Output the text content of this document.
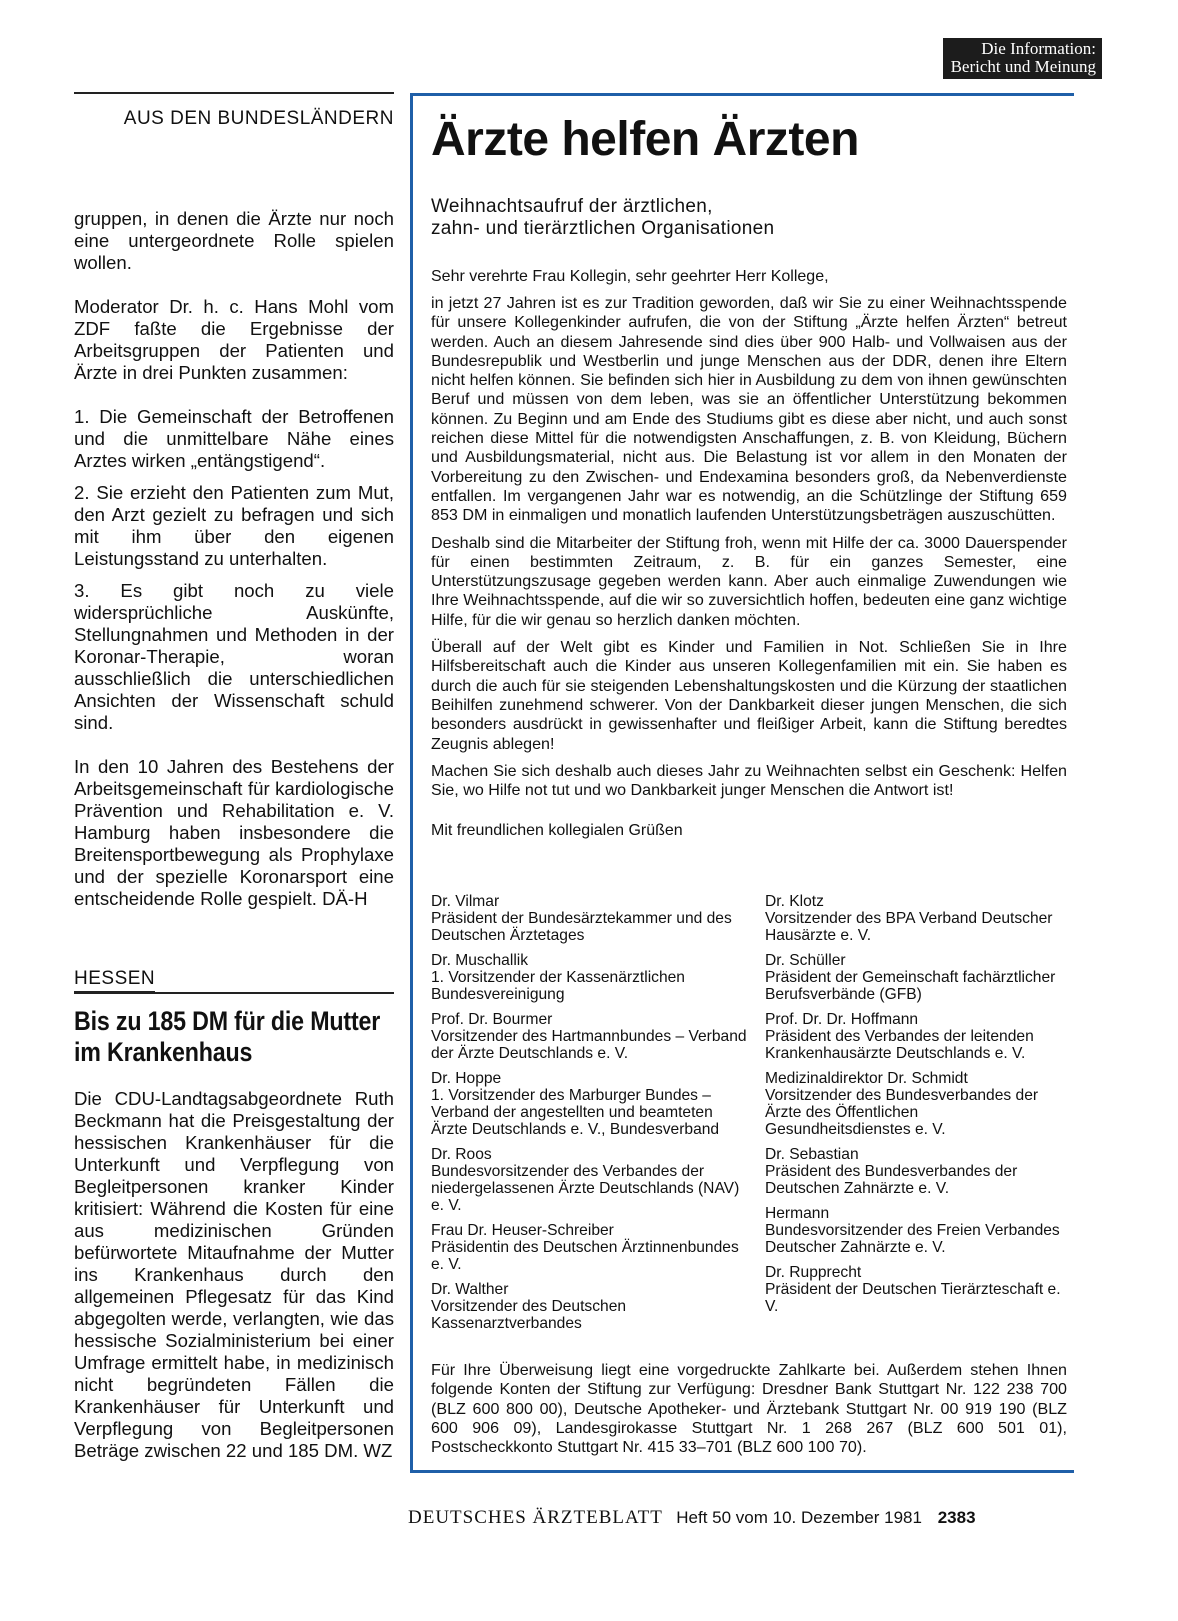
Die Information:
Bericht und Meinung
AUS DEN BUNDESLÄNDERN

gruppen, in denen die Ärzte nur noch eine untergeordnete Rolle spielen wollen.

Moderator Dr. h. c. Hans Mohl vom ZDF faßte die Ergebnisse der Arbeitsgruppen der Patienten und Ärzte in drei Punkten zusammen:

1. Die Gemeinschaft der Betroffenen und die unmittelbare Nähe eines Arztes wirken „entängstigend“.

2. Sie erzieht den Patienten zum Mut, den Arzt gezielt zu befragen und sich mit ihm über den eigenen Leistungsstand zu unterhalten.

3. Es gibt noch zu viele widersprüchliche Auskünfte, Stellungnahmen und Methoden in der Koronar-Therapie, woran ausschließlich die unterschiedlichen Ansichten der Wissenschaft schuld sind.

In den 10 Jahren des Bestehens der Arbeitsgemeinschaft für kardiologische Prävention und Rehabilitation e. V. Hamburg haben insbesondere die Breitensportbewegung als Prophylaxe und der spezielle Koronarsport eine entscheidende Rolle gespielt. DÄ-H

HESSEN
Bis zu 185 DM für die Mutter im Krankenhaus

Die CDU-Landtagsabgeordnete Ruth Beckmann hat die Preisgestaltung der hessischen Krankenhäuser für die Unterkunft und Verpflegung von Begleitpersonen kranker Kinder kritisiert: Während die Kosten für eine aus medizinischen Gründen befürwortete Mitaufnahme der Mutter ins Krankenhaus durch den allgemeinen Pflegesatz für das Kind abgegolten werde, verlangten, wie das hessische Sozialministerium bei einer Umfrage ermittelt habe, in medizinisch nicht begründeten Fällen die Krankenhäuser für Unterkunft und Verpflegung von Begleitpersonen Beträge zwischen 22 und 185 DM. WZ

Ärzte helfen Ärzten
Weihnachtsaufruf der ärztlichen,
zahn- und tierärztlichen Organisationen
Sehr verehrte Frau Kollegin, sehr geehrter Herr Kollege,

in jetzt 27 Jahren ist es zur Tradition geworden, daß wir Sie zu einer Weihnachtsspende für unsere Kollegenkinder aufrufen, die von der Stiftung „Ärzte helfen Ärzten“ betreut werden. Auch an diesem Jahresende sind dies über 900 Halb- und Vollwaisen aus der Bundesrepublik und Westberlin und junge Menschen aus der DDR, denen ihre Eltern nicht helfen können. Sie befinden sich hier in Ausbildung zu dem von ihnen gewünschten Beruf und müssen von dem leben, was sie an öffentlicher Unterstützung bekommen können. Zu Beginn und am Ende des Studiums gibt es diese aber nicht, und auch sonst reichen diese Mittel für die notwendigsten Anschaffungen, z. B. von Kleidung, Büchern und Ausbildungsmaterial, nicht aus. Die Belastung ist vor allem in den Monaten der Vorbereitung zu den Zwischen- und Endexamina besonders groß, da Nebenverdienste entfallen. Im vergangenen Jahr war es notwendig, an die Schützlinge der Stiftung 659 853 DM in einmaligen und monatlich laufenden Unterstützungsbeträgen auszuschütten.

Deshalb sind die Mitarbeiter der Stiftung froh, wenn mit Hilfe der ca. 3000 Dauerspender für einen bestimmten Zeitraum, z. B. für ein ganzes Semester, eine Unterstützungszusage gegeben werden kann. Aber auch einmalige Zuwendungen wie Ihre Weihnachtsspende, auf die wir so zuversichtlich hoffen, bedeuten eine ganz wichtige Hilfe, für die wir genau so herzlich danken möchten.

Überall auf der Welt gibt es Kinder und Familien in Not. Schließen Sie in Ihre Hilfsbereitschaft auch die Kinder aus unseren Kollegenfamilien mit ein. Sie haben es durch die auch für sie steigenden Lebenshaltungskosten und die Kürzung der staatlichen Beihilfen zunehmend schwerer. Von der Dankbarkeit dieser jungen Menschen, die sich besonders ausdrückt in gewissenhafter und fleißiger Arbeit, kann die Stiftung beredtes Zeugnis ablegen!

Machen Sie sich deshalb auch dieses Jahr zu Weihnachten selbst ein Geschenk: Helfen Sie, wo Hilfe not tut und wo Dankbarkeit junger Menschen die Antwort ist!

Mit freundlichen kollegialen Grüßen
Dr. Vilmar
Präsident der Bundesärztekammer und des Deutschen Ärztetages
Dr. Muschallik
1. Vorsitzender der Kassenärztlichen Bundesvereinigung
Prof. Dr. Bourmer
Vorsitzender des Hartmannbundes – Verband der Ärzte Deutschlands e. V.
Dr. Hoppe
1. Vorsitzender des Marburger Bundes – Verband der angestellten und beamteten Ärzte Deutschlands e. V., Bundesverband
Dr. Roos
Bundesvorsitzender des Verbandes der niedergelassenen Ärzte Deutschlands (NAV) e. V.
Frau Dr. Heuser-Schreiber
Präsidentin des Deutschen Ärztinnenbundes e. V.
Dr. Walther
Vorsitzender des Deutschen Kassenarztverbandes
Dr. Klotz
Vorsitzender des BPA Verband Deutscher Hausärzte e. V.
Dr. Schüller
Präsident der Gemeinschaft fachärztlicher Berufsverbände (GFB)
Prof. Dr. Dr. Hoffmann
Präsident des Verbandes der leitenden Krankenhausärzte Deutschlands e. V.
Medizinaldirektor Dr. Schmidt
Vorsitzender des Bundesverbandes der Ärzte des Öffentlichen Gesundheitsdienstes e. V.
Dr. Sebastian
Präsident des Bundesverbandes der Deutschen Zahnärzte e. V.
Hermann
Bundesvorsitzender des Freien Verbandes Deutscher Zahnärzte e. V.
Dr. Rupprecht
Präsident der Deutschen Tierärzteschaft e. V.
Für Ihre Überweisung liegt eine vorgedruckte Zahlkarte bei. Außerdem stehen Ihnen folgende Konten der Stiftung zur Verfügung: Dresdner Bank Stuttgart Nr. 122 238 700 (BLZ 600 800 00), Deutsche Apotheker- und Ärztebank Stuttgart Nr. 00 919 190 (BLZ 600 906 09), Landesgirokasse Stuttgart Nr. 1 268 267 (BLZ 600 501 01), Postscheckkonto Stuttgart Nr. 415 33–701 (BLZ 600 100 70).
DEUTSCHES ÄRZTEBLATT Heft 50 vom 10. Dezember 1981 2383
